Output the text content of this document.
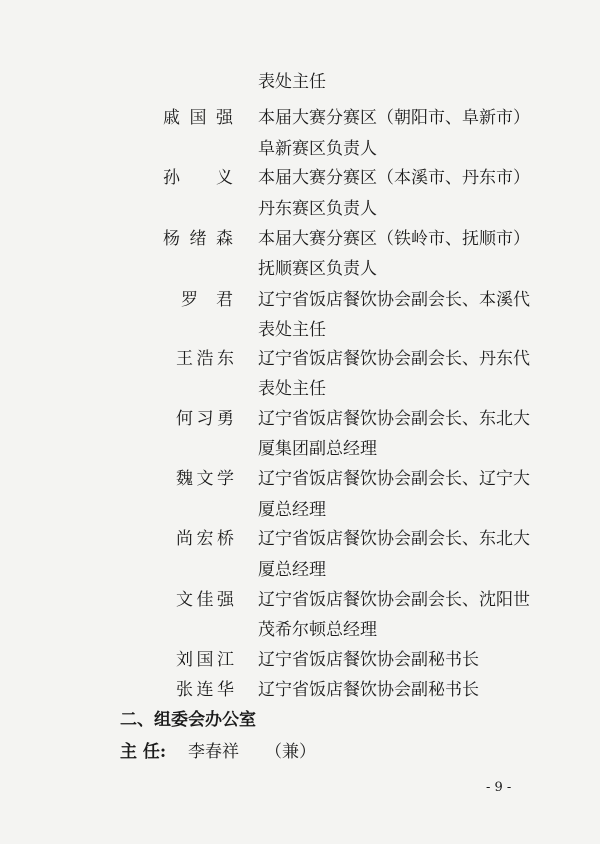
表处主任
戚国强 本届大赛分赛区（朝阳市、阜新市）
阜新赛区负责人
孙义 本届大赛分赛区（本溪市、丹东市）
丹东赛区负责人
杨绪森 本届大赛分赛区（铁岭市、抚顺市）
抚顺赛区负责人
罗君 辽宁省饭店餐饮协会副会长、本溪代
表处主任
王浩东 辽宁省饭店餐饮协会副会长、丹东代
表处主任
何习勇 辽宁省饭店餐饮协会副会长、东北大
厦集团副总经理
魏文学 辽宁省饭店餐饮协会副会长、辽宁大
厦总经理
尚宏桥 辽宁省饭店餐饮协会副会长、东北大
厦总经理
文佳强 辽宁省饭店餐饮协会副会长、沈阳世
茂希尔顿总经理
刘国江 辽宁省饭店餐饮协会副秘书长
张连华 辽宁省饭店餐饮协会副秘书长
二、组委会办公室
主 任:	李春祥 （兼）
- 9 -
